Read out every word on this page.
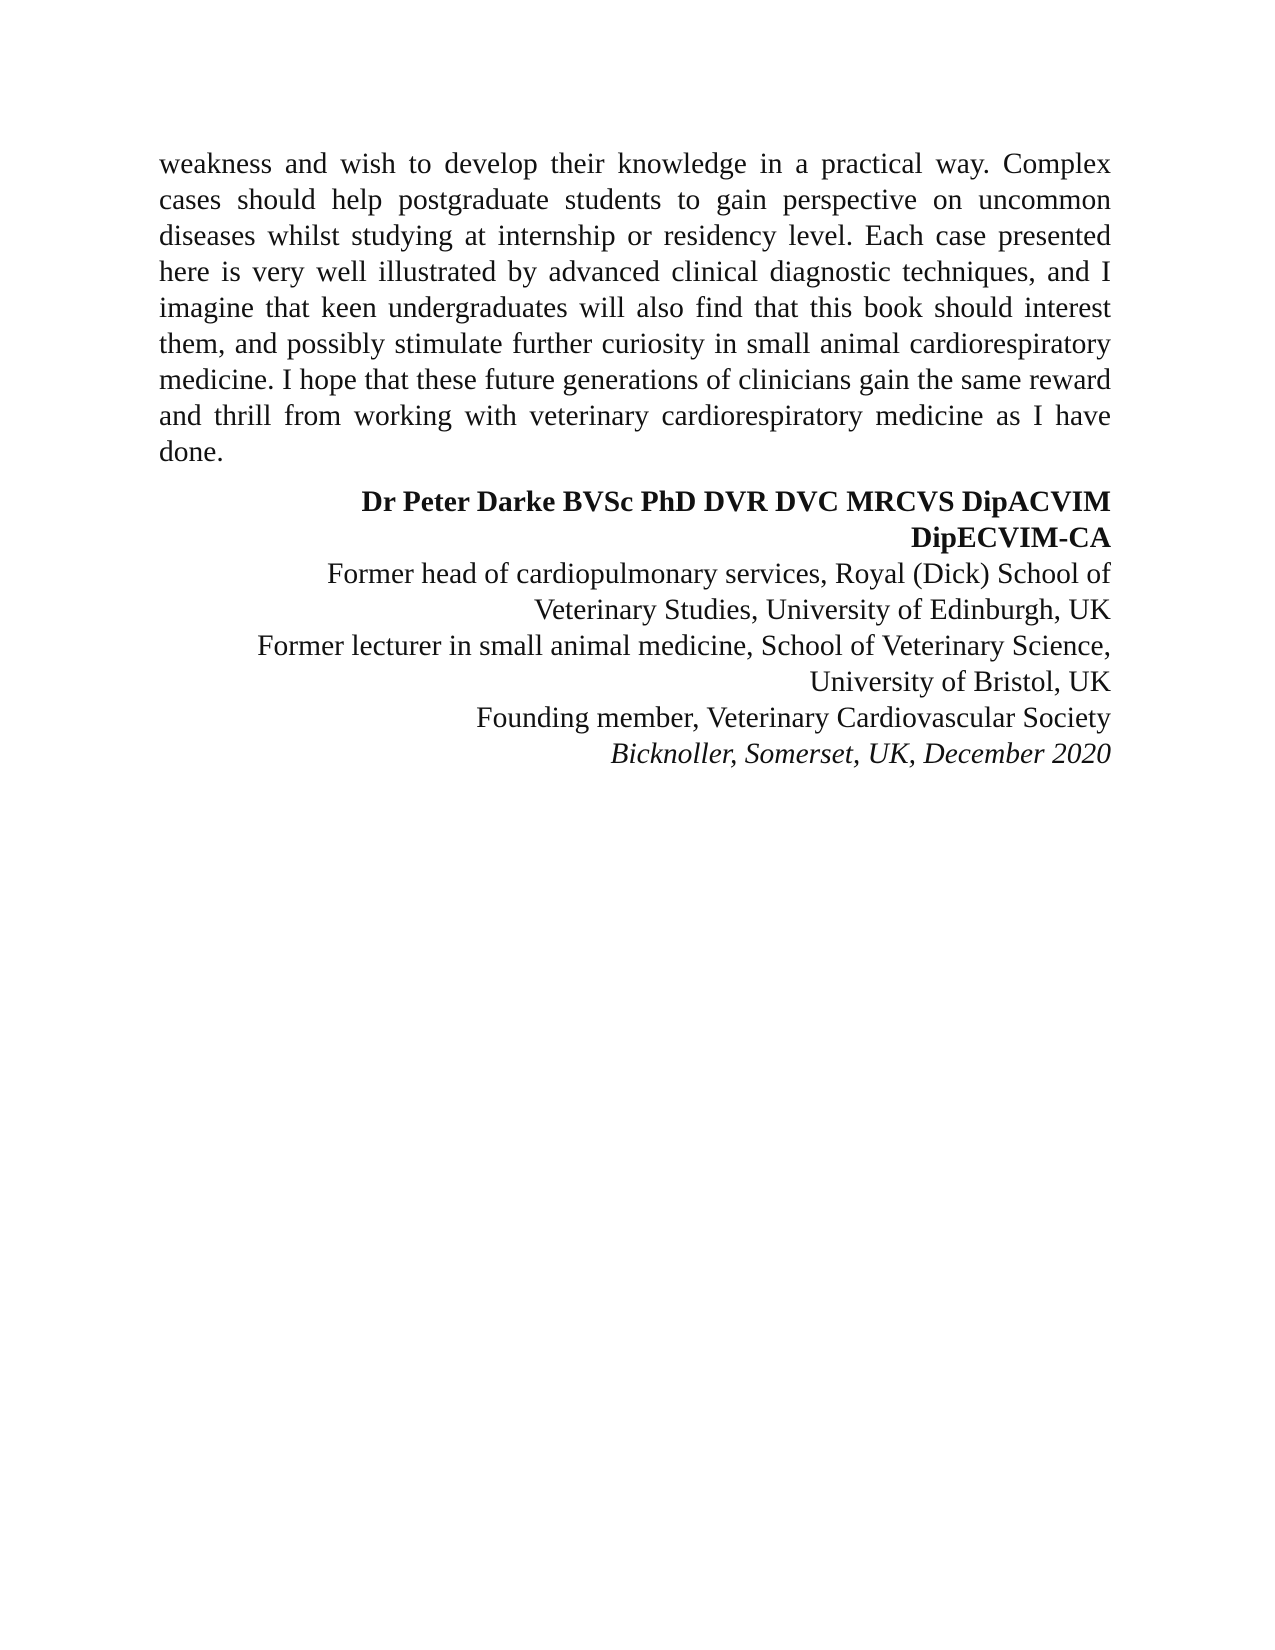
weakness and wish to develop their knowledge in a practical way. Complex cases should help postgraduate students to gain perspective on uncommon diseases whilst studying at internship or residency level. Each case presented here is very well illustrated by advanced clinical diagnostic techniques, and I imagine that keen undergraduates will also find that this book should interest them, and possibly stimulate further curiosity in small animal cardiorespiratory medicine. I hope that these future generations of clinicians gain the same reward and thrill from working with veterinary cardiorespiratory medicine as I have done.

Dr Peter Darke BVSc PhD DVR DVC MRCVS DipACVIM
DipECVIM-CA
Former head of cardiopulmonary services, Royal (Dick) School of
Veterinary Studies, University of Edinburgh, UK
Former lecturer in small animal medicine, School of Veterinary Science,
University of Bristol, UK
Founding member, Veterinary Cardiovascular Society
Bicknoller, Somerset, UK, December 2020
